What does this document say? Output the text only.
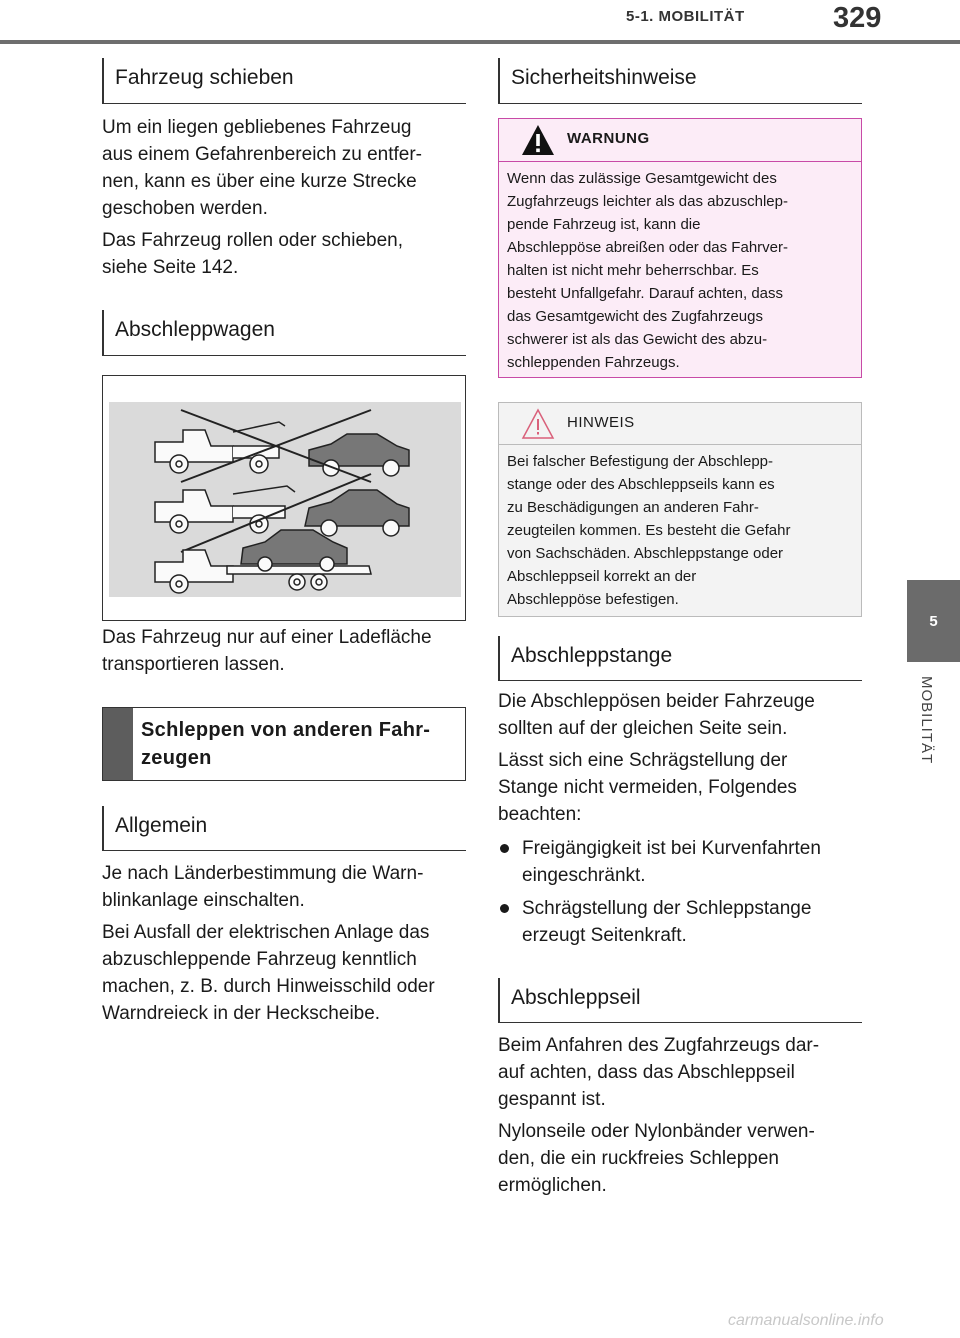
5-1. MOBILITÄT	329
5
MOBILITÄT
Fahrzeug schieben

Um ein liegen gebliebenes Fahrzeug
aus einem Gefahrenbereich zu entfer-
nen, kann es über eine kurze Strecke
geschoben werden.

Das Fahrzeug rollen oder schieben,
siehe Seite 142.

Abschleppwagen

Das Fahrzeug nur auf einer Ladefläche
transportieren lassen.

Schleppen von anderen Fahr-
zeugen
Allgemein

Je nach Länderbestimmung die Warn-
blinkanlage einschalten.

Bei Ausfall der elektrischen Anlage das
abzuschleppende Fahrzeug kenntlich
machen, z. B. durch Hinweisschild oder
Warndreieck in der Heckscheibe.

Sicherheitshinweise
WARNUNG
Wenn das zulässige Gesamtgewicht des
Zugfahrzeugs leichter als das abzuschlep-
pende Fahrzeug ist, kann die
Abschleppöse abreißen oder das Fahrver-
halten ist nicht mehr beherrschbar. Es
besteht Unfallgefahr. Darauf achten, dass
das Gesamtgewicht des Zugfahrzeugs
schwerer ist als das Gewicht des abzu-
schleppenden Fahrzeugs.
HINWEIS
Bei falscher Befestigung der Abschlepp-
stange oder des Abschleppseils kann es
zu Beschädigungen an anderen Fahr-
zeugteilen kommen. Es besteht die Gefahr
von Sachschäden. Abschleppstange oder
Abschleppseil korrekt an der
Abschleppöse befestigen.
Abschleppstange

Die Abschleppösen beider Fahrzeuge
sollten auf der gleichen Seite sein.

Lässt sich eine Schrägstellung der
Stange nicht vermeiden, Folgendes
beachten:

Freigängigkeit ist bei Kurvenfahrten
eingeschränkt.
Schrägstellung der Schleppstange
erzeugt Seitenkraft.
Abschleppseil

Beim Anfahren des Zugfahrzeugs dar-
auf achten, dass das Abschleppseil
gespannt ist.

Nylonseile oder Nylonbänder verwen-
den, die ein ruckfreies Schleppen
ermöglichen.

carmanualsonline.info
